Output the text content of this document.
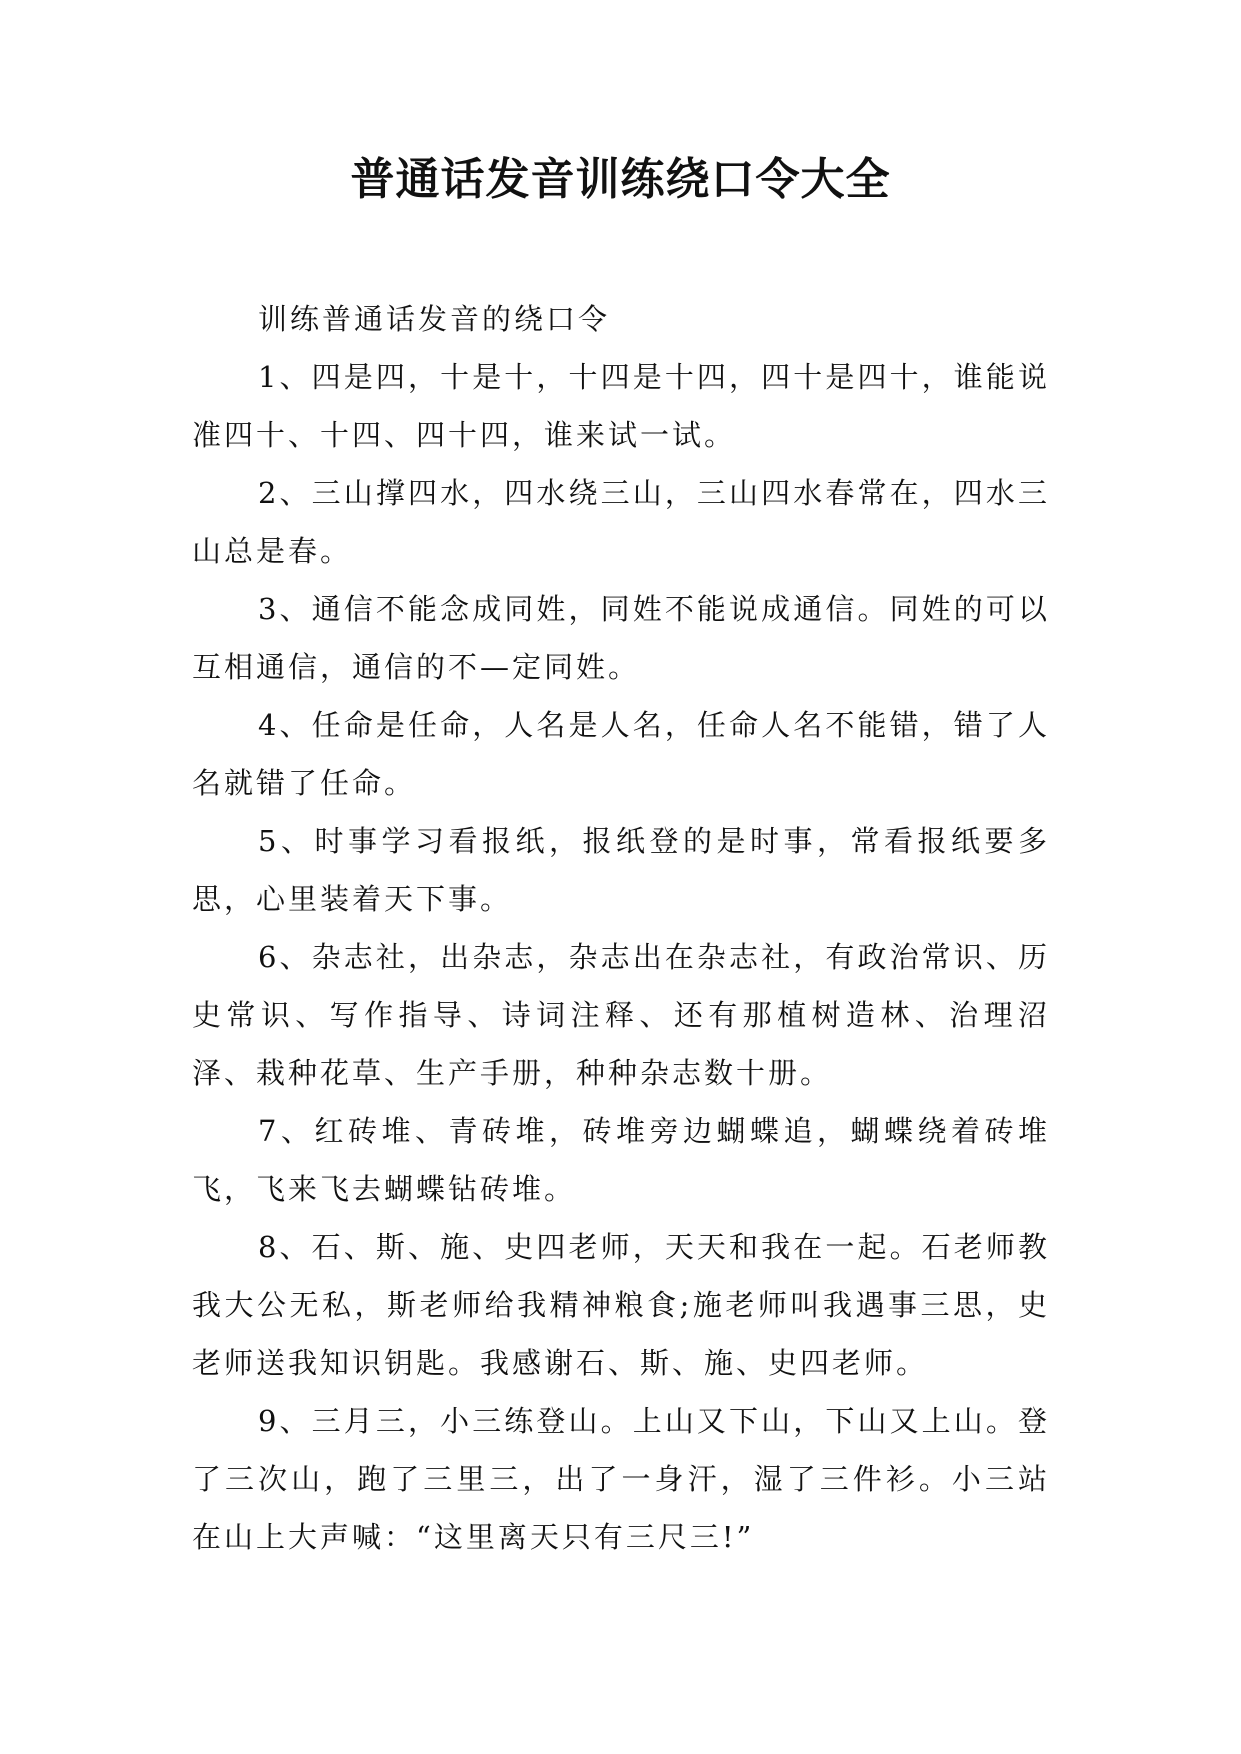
普通话发音训练绕口令大全

训练普通话发音的绕口令

1、四是四，十是十，十四是十四，四十是四十，谁能说准四十、十四、四十四，谁来试一试。

2、三山撑四水，四水绕三山，三山四水春常在，四水三山总是春。

3、通信不能念成同姓，同姓不能说成通信。同姓的可以互相通信，通信的不—定同姓。

4、任命是任命，人名是人名，任命人名不能错，错了人名就错了任命。

5、时事学习看报纸，报纸登的是时事，常看报纸要多思，心里装着天下事。

6、杂志社，出杂志，杂志出在杂志社，有政治常识、历史常识、写作指导、诗词注释、还有那植树造林、治理沼泽、栽种花草、生产手册，种种杂志数十册。

7、红砖堆、青砖堆，砖堆旁边蝴蝶追，蝴蝶绕着砖堆飞，飞来飞去蝴蝶钻砖堆。

8、石、斯、施、史四老师，天天和我在一起。石老师教我大公无私，斯老师给我精神粮食;施老师叫我遇事三思，史老师送我知识钥匙。我感谢石、斯、施、史四老师。

9、三月三，小三练登山。上山又下山，下山又上山。登了三次山，跑了三里三，出了一身汗，湿了三件衫。小三站在山上大声喊：“这里离天只有三尺三!”
